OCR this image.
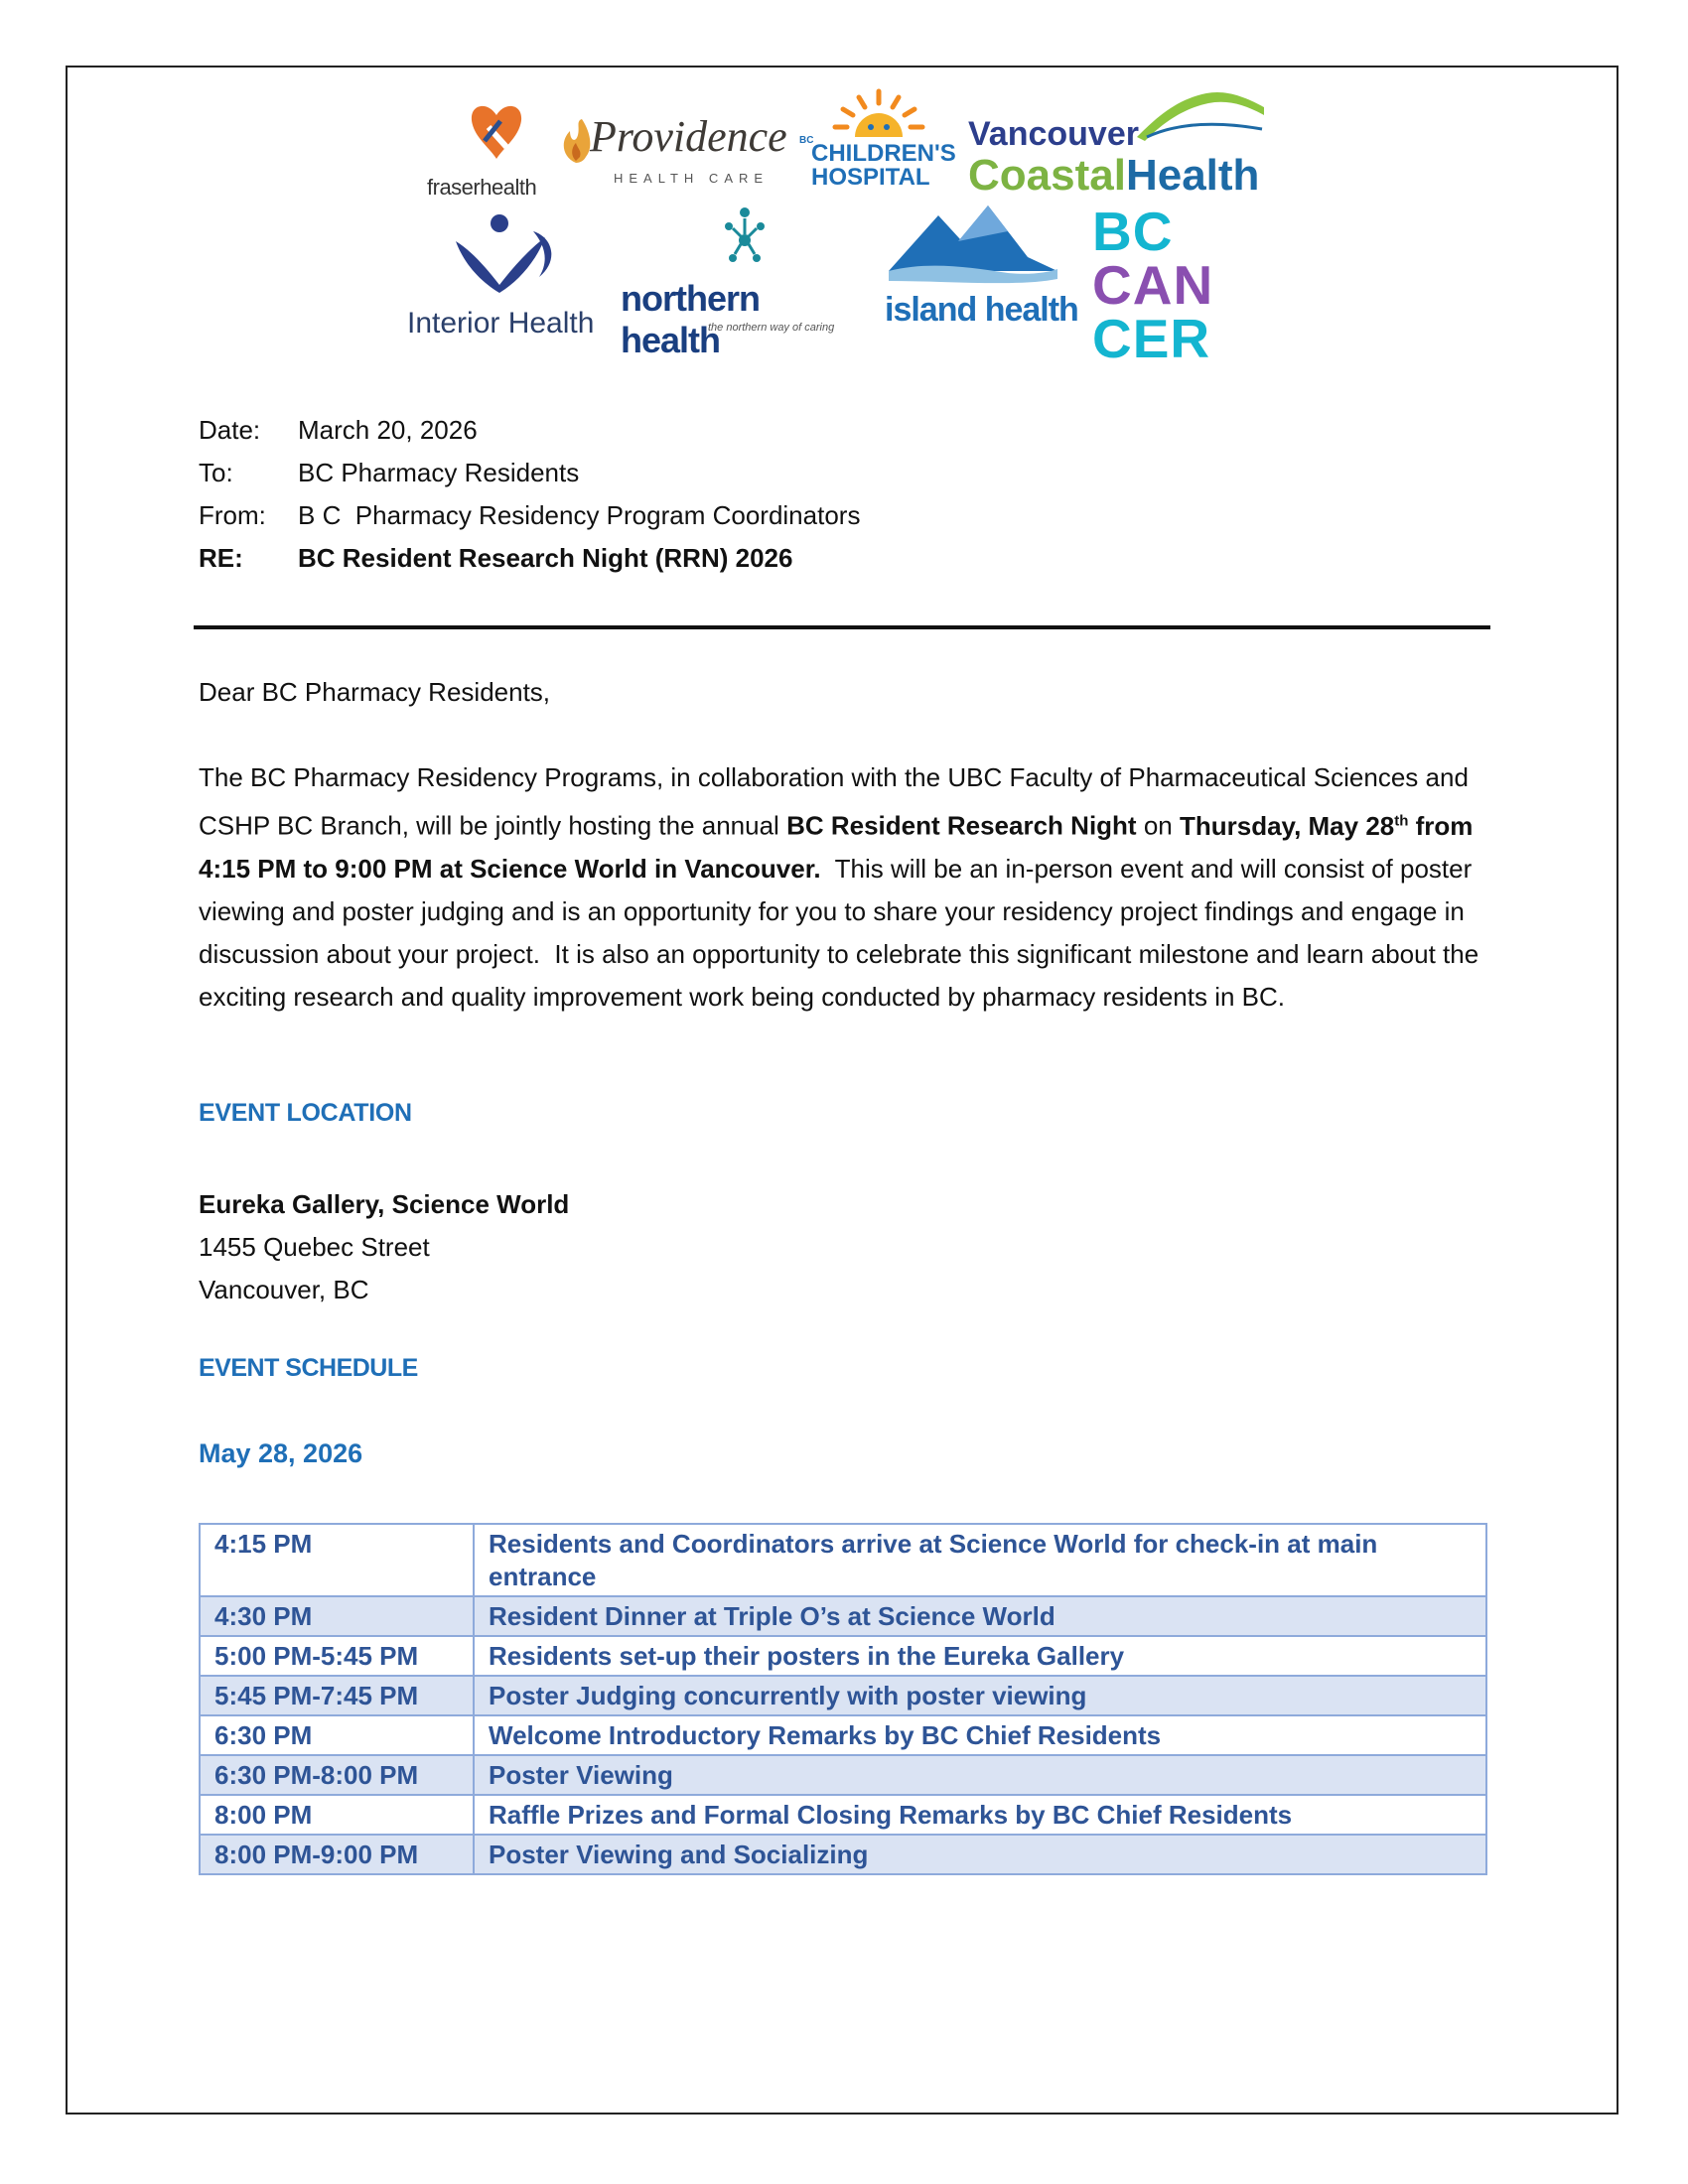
fraserhealth
Providence
HEALTH CARE
BC
CHILDREN'S
HOSPITAL
Vancouver
CoastalHealth
Interior Health
northern health
the northern way of caring island health
BC
CAN
CER
Date:	March 20, 2026
To:	BC Pharmacy Residents
From:	B C  Pharmacy Residency Program Coordinators
RE:	BC Resident Research Night (RRN) 2026
Dear BC Pharmacy Residents,

The BC Pharmacy Residency Programs, in collaboration with the UBC Faculty of Pharmaceutical Sciences and CSHP BC Branch, will be jointly hosting the annual BC Resident Research Night on Thursday, May 28th from 4:15 PM to 9:00 PM at Science World in Vancouver.  This will be an in-person event and will consist of poster viewing and poster judging and is an opportunity for you to share your residency project findings and engage in discussion about your project.  It is also an opportunity to celebrate this significant milestone and learn about the exciting research and quality improvement work being conducted by pharmacy residents in BC.

EVENT LOCATION
Eureka Gallery, Science World
1455 Quebec Street
Vancouver, BC
EVENT SCHEDULE
May 28, 2026
4:15 PM	Residents and Coordinators arrive at Science World for check-in at main entrance
4:30 PM	Resident Dinner at Triple O’s at Science World
5:00 PM-5:45 PM	Residents set-up their posters in the Eureka Gallery
5:45 PM-7:45 PM	Poster Judging concurrently with poster viewing
6:30 PM	Welcome Introductory Remarks by BC Chief Residents
6:30 PM-8:00 PM	Poster Viewing
8:00 PM	Raffle Prizes and Formal Closing Remarks by BC Chief Residents
8:00 PM-9:00 PM	Poster Viewing and Socializing
